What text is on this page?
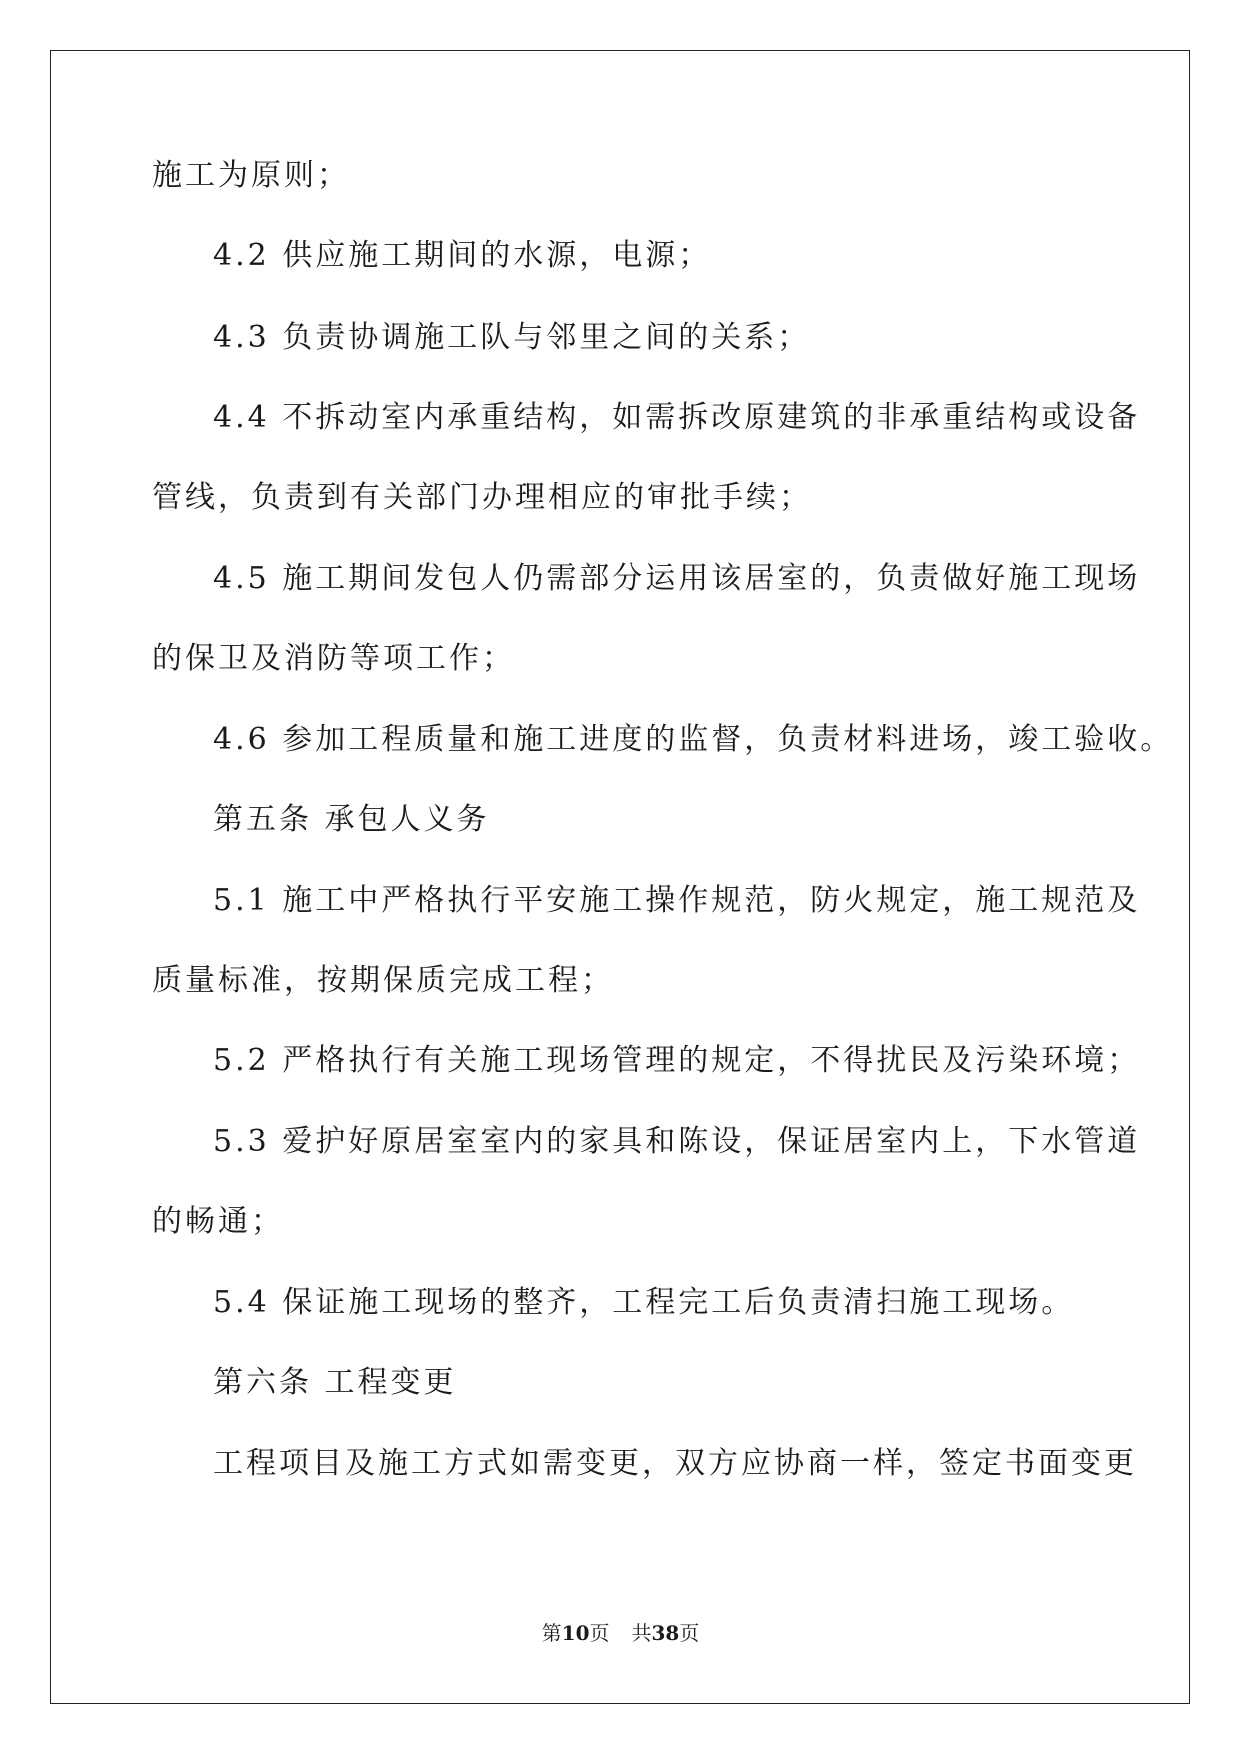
施工为原则；
4.2 供应施工期间的水源，电源；
4.3 负责协调施工队与邻里之间的关系；
4.4 不拆动室内承重结构，如需拆改原建筑的非承重结构或设备
管线，负责到有关部门办理相应的审批手续；
4.5 施工期间发包人仍需部分运用该居室的，负责做好施工现场
的保卫及消防等项工作；
4.6 参加工程质量和施工进度的监督，负责材料进场，竣工验收。
第五条 承包人义务
5.1 施工中严格执行平安施工操作规范，防火规定，施工规范及
质量标准，按期保质完成工程；
5.2 严格执行有关施工现场管理的规定，不得扰民及污染环境；
5.3 爱护好原居室室内的家具和陈设，保证居室内上，下水管道
的畅通；
5.4 保证施工现场的整齐，工程完工后负责清扫施工现场。
第六条 工程变更
工程项目及施工方式如需变更，双方应协商一样，签定书面变更
第10页 共38页
